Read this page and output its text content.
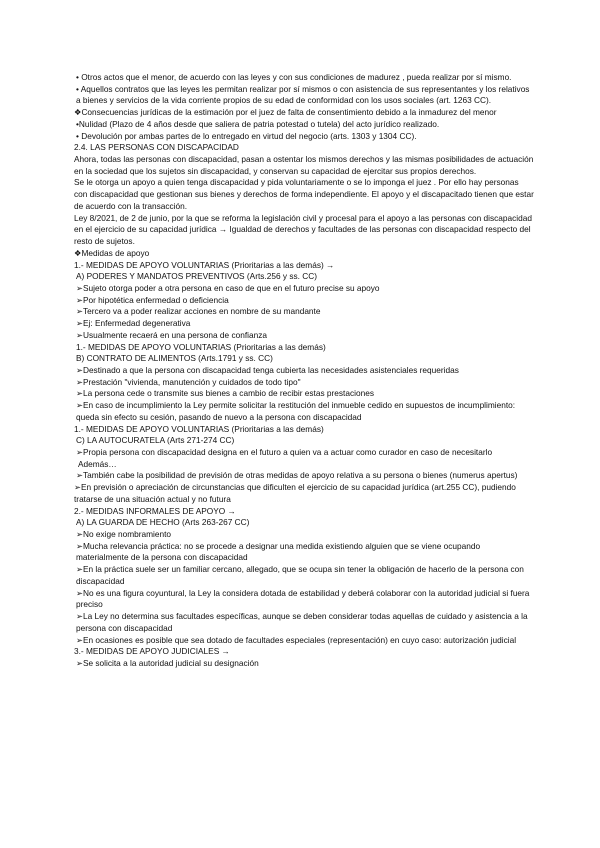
• Otros actos que el menor, de acuerdo con las leyes y con sus condiciones de madurez , pueda realizar por sí mismo.
• Aquellos contratos que las leyes les permitan realizar por sí mismos o con asistencia de sus representantes y los relativos a bienes y servicios de la vida corriente propios de su edad de conformidad con los usos sociales (art. 1263 CC).
❖Consecuencias jurídicas de la estimación por el juez de falta de consentimiento debido a la inmadurez del menor
•Nulidad (Plazo de 4 años desde que saliera de patria potestad o tutela) del acto jurídico realizado.
• Devolución por ambas partes de lo entregado en virtud del negocio (arts. 1303 y 1304 CC).
2.4. LAS PERSONAS CON DISCAPACIDAD
Ahora, todas las personas con discapacidad, pasan a ostentar los mismos derechos y las mismas posibilidades de actuación en la sociedad que los sujetos sin discapacidad, y conservan su capacidad de ejercitar sus propios derechos.
Se le otorga un apoyo a quien tenga discapacidad y pida voluntariamente o se lo imponga el juez . Por ello hay personas con discapacidad que gestionan sus bienes y derechos de forma independiente. El apoyo y el discapacitado tienen que estar de acuerdo con la transacción.
Ley 8/2021, de 2 de junio, por la que se reforma la legislación civil y procesal para el apoyo a las personas con discapacidad en el ejercicio de su capacidad jurídica → Igualdad de derechos y facultades de las personas con discapacidad respecto del resto de sujetos.
❖Medidas de apoyo
1.- MEDIDAS DE APOYO VOLUNTARIAS (Prioritarias a las demás) →
A) PODERES Y MANDATOS PREVENTIVOS (Arts.256 y ss. CC)
➢Sujeto otorga poder a otra persona en caso de que en el futuro precise su apoyo
➢Por hipotética enfermedad o deficiencia
➢Tercero va a poder realizar acciones en nombre de su mandante
➢Ej: Enfermedad degenerativa
➢Usualmente recaerá en una persona de confianza
1.- MEDIDAS DE APOYO VOLUNTARIAS (Prioritarias a las demás)
B) CONTRATO DE ALIMENTOS (Arts.1791 y ss. CC)
➢Destinado a que la persona con discapacidad tenga cubierta las necesidades asistenciales requeridas
➢Prestación "vivienda, manutención y cuidados de todo tipo"
➢La persona cede o transmite sus bienes a cambio de recibir estas prestaciones
➢En caso de incumplimiento la Ley permite solicitar la restitución del inmueble cedido en supuestos de incumplimiento: queda sin efecto su cesión, pasando de nuevo a la persona con discapacidad
1.- MEDIDAS DE APOYO VOLUNTARIAS (Prioritarias a las demás)
C) LA AUTOCURATELA (Arts 271-274 CC)
➢Propia persona con discapacidad designa en el futuro a quien va a actuar como curador en caso de necesitarlo
Además…
➢También cabe la posibilidad de previsión de otras medidas de apoyo relativa a su persona o bienes (numerus apertus)
➢En previsión o apreciación de circunstancias que dificulten el ejercicio de su capacidad jurídica (art.255 CC), pudiendo tratarse de una situación actual y no futura
2.- MEDIDAS INFORMALES DE APOYO →
A) LA GUARDA DE HECHO (Arts 263-267 CC)
➢No exige nombramiento
➢Mucha relevancia práctica: no se procede a designar una medida existiendo alguien que se viene ocupando materialmente de la persona con discapacidad
➢En la práctica suele ser un familiar cercano, allegado, que se ocupa sin tener la obligación de hacerlo de la persona con discapacidad
➢No es una figura coyuntural, la Ley la considera dotada de estabilidad y deberá colaborar con la autoridad judicial si fuera preciso
➢La Ley no determina sus facultades específicas, aunque se deben considerar todas aquellas de cuidado y asistencia a la persona con discapacidad
➢En ocasiones es posible que sea dotado de facultades especiales (representación) en cuyo caso: autorización judicial
3.- MEDIDAS DE APOYO JUDICIALES →
➢Se solicita a la autoridad judicial su designación
